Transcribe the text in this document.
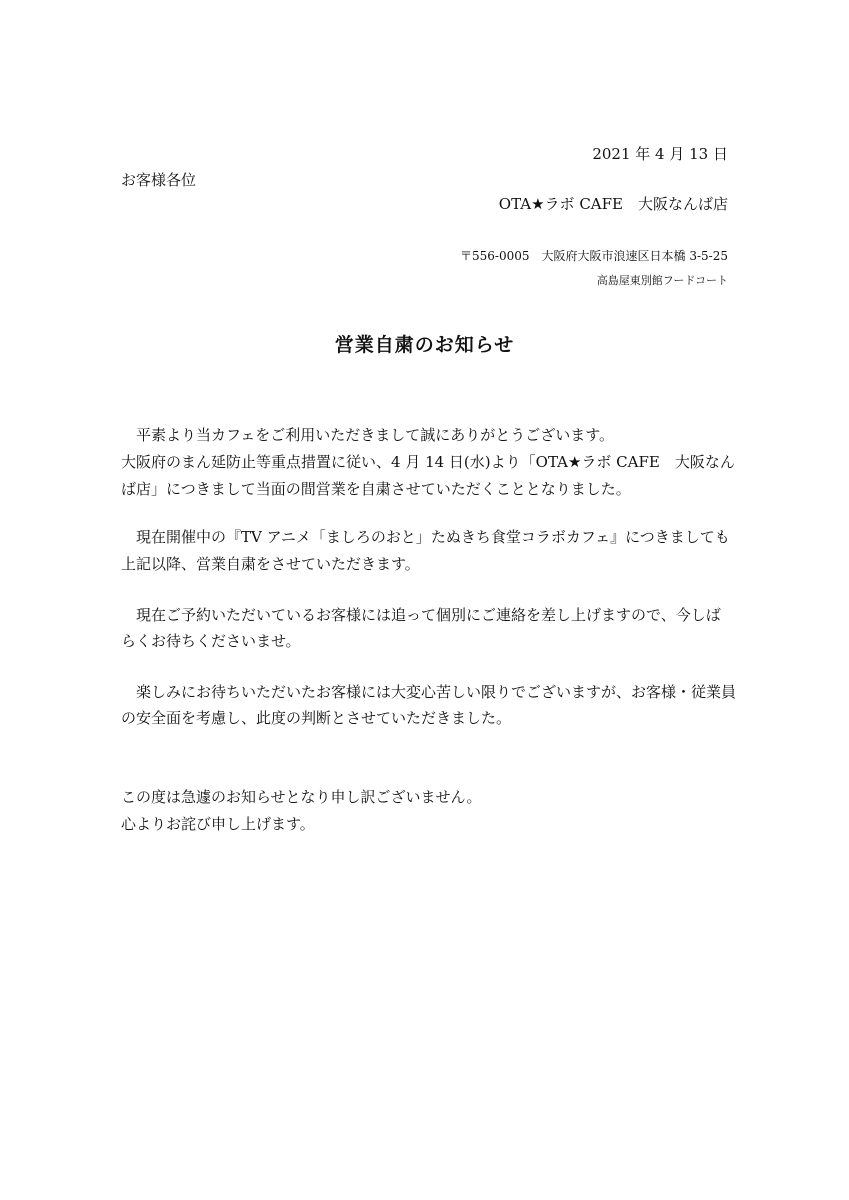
2021 年 4 月 13 日
お客様各位
OTA★ラボ CAFE　大阪なんば店
〒556-0005　大阪府大阪市浪速区日本橋 3-5-25
高島屋東別館フードコート
営業自粛のお知らせ
平素より当カフェをご利用いただきまして誠にありがとうございます。
大阪府のまん延防止等重点措置に従い、4 月 14 日(水)より「OTA★ラボ CAFE　大阪なん
ば店」につきまして当面の間営業を自粛させていただくこととなりました。
現在開催中の『TV アニメ「ましろのおと」たぬきち食堂コラボカフェ』につきましても
上記以降、営業自粛をさせていただきます。
現在ご予約いただいているお客様には追って個別にご連絡を差し上げますので、今しば
らくお待ちくださいませ。
楽しみにお待ちいただいたお客様には大変心苦しい限りでございますが、お客様・従業員
の安全面を考慮し、此度の判断とさせていただきました。
この度は急遽のお知らせとなり申し訳ございません。
心よりお詫び申し上げます。
